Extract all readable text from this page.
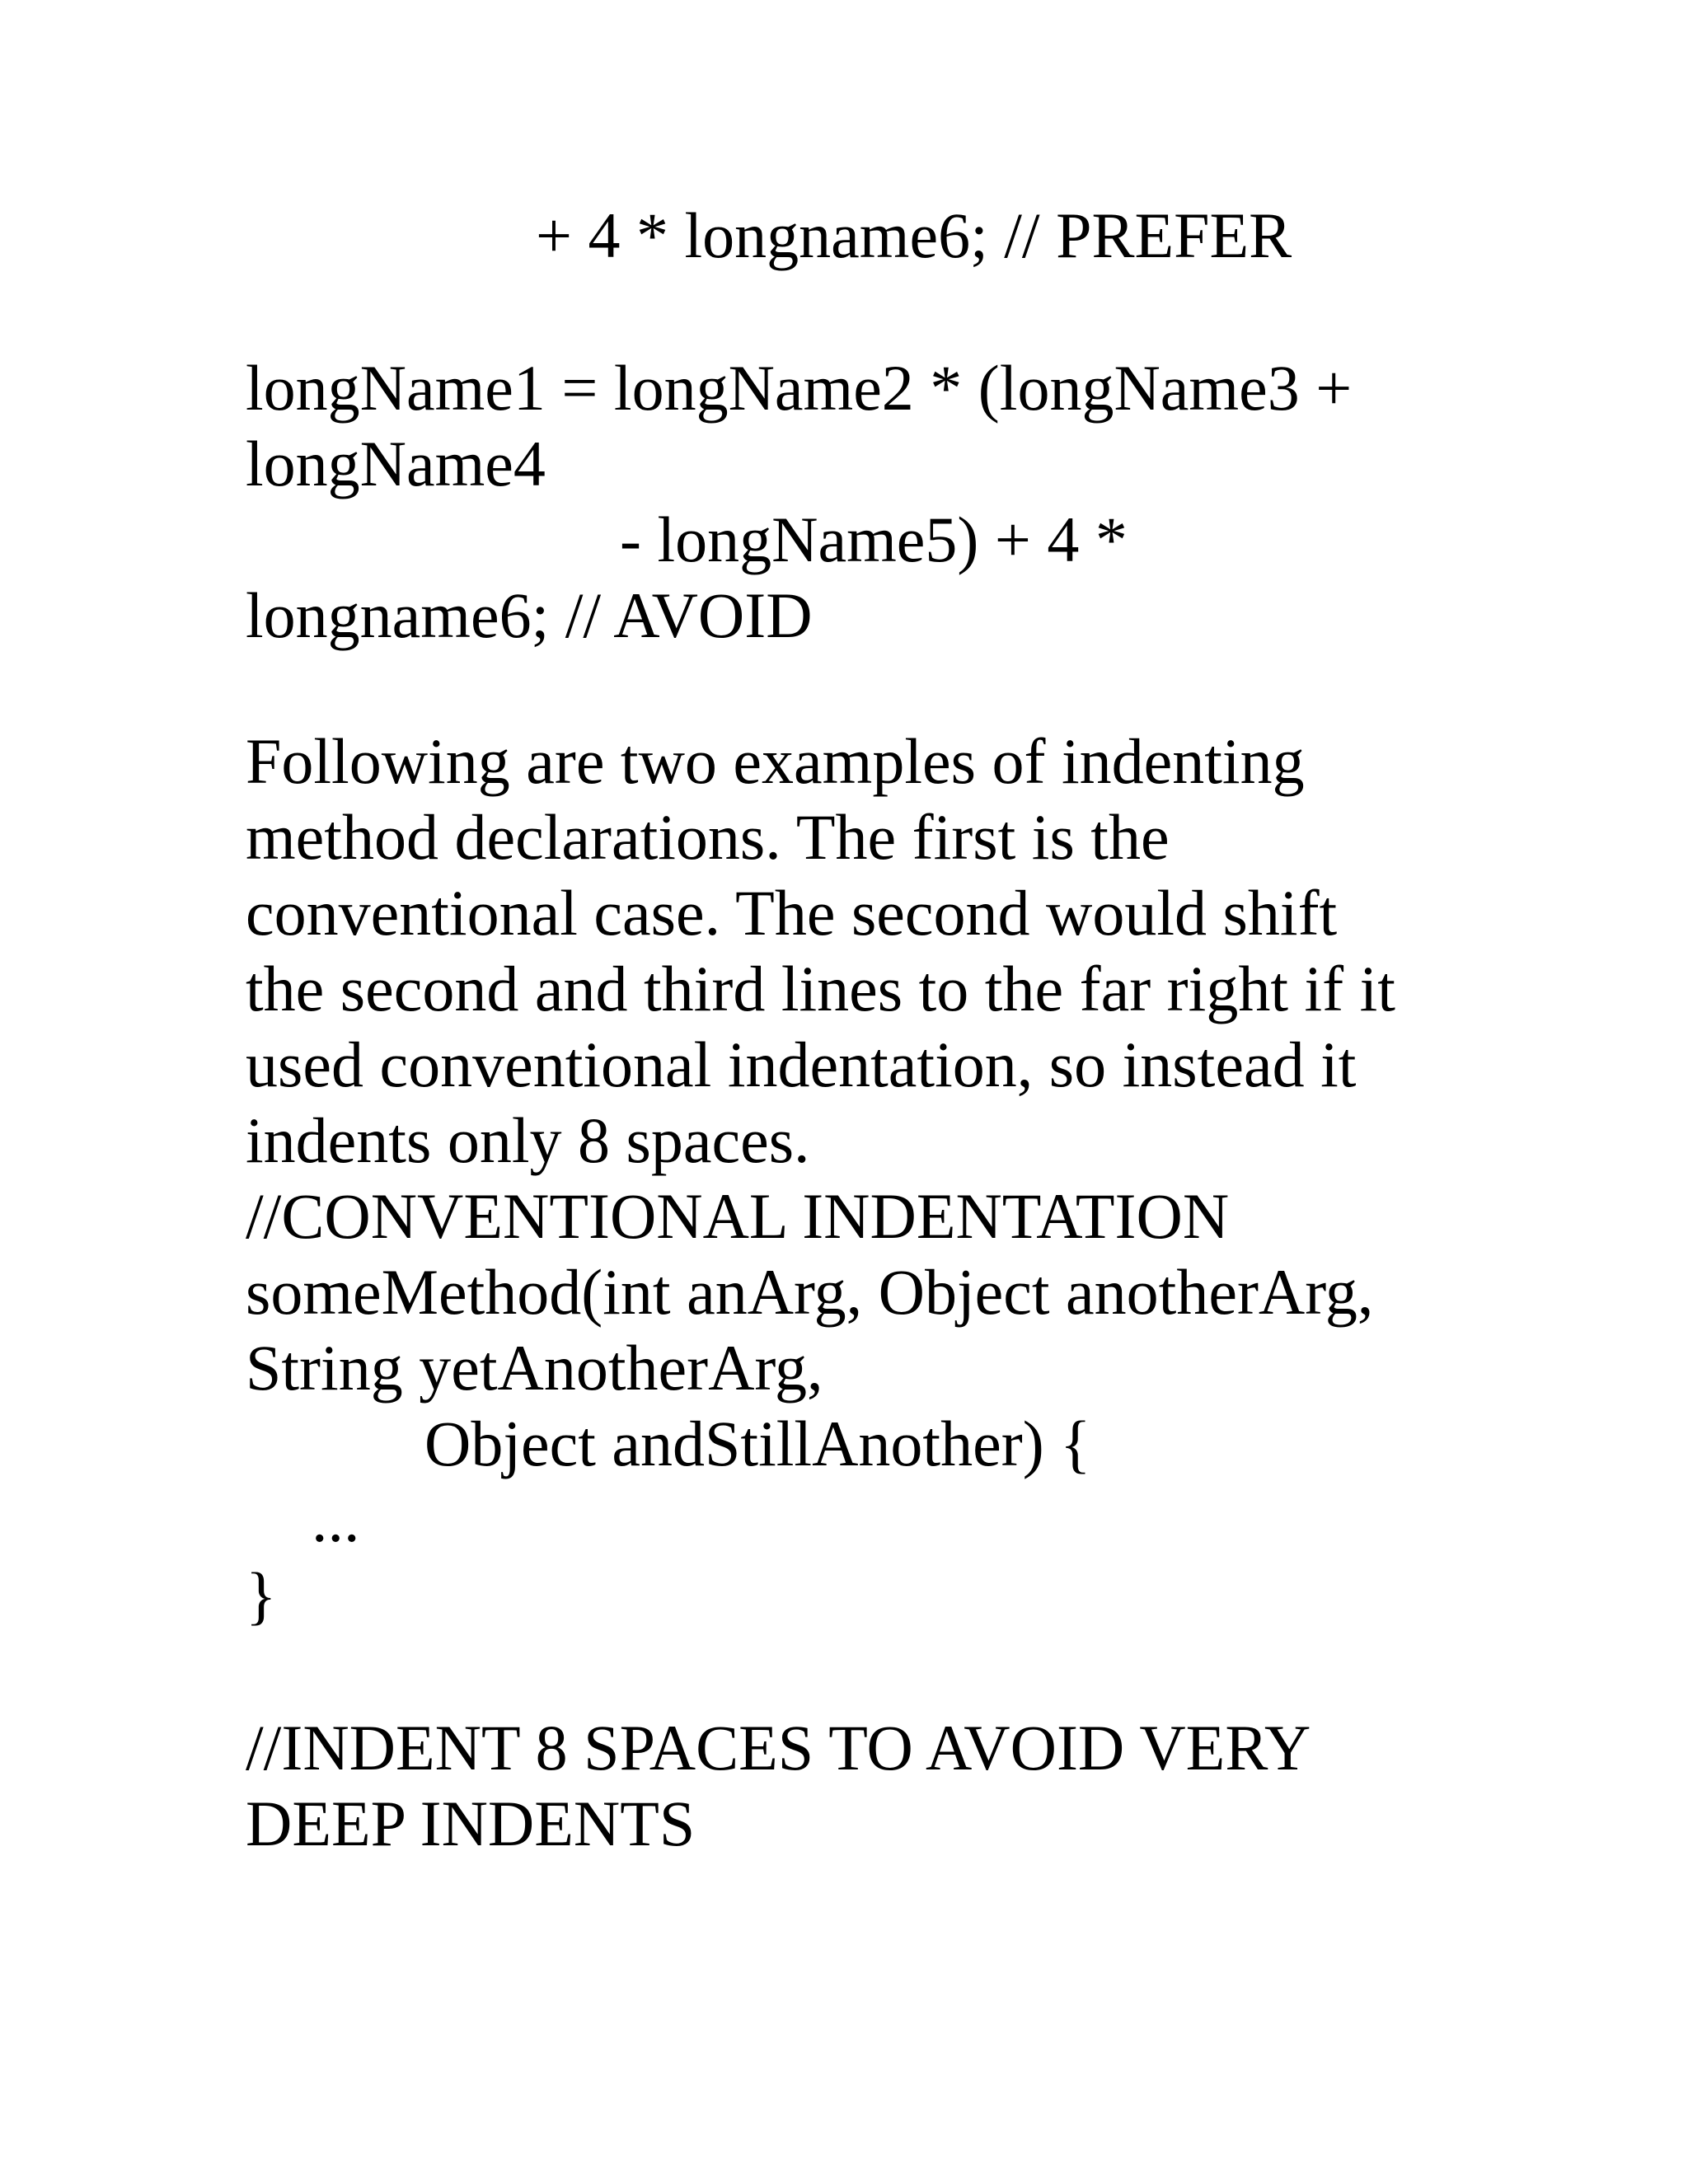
+ 4 * longname6; // PREFER
longName1 = longName2 * (longName3 +
longName4
- longName5) + 4 *
longname6; // AVOID
Following are two examples of indenting
method declarations. The first is the
conventional case. The second would shift
the second and third lines to the far right if it
used conventional indentation, so instead it
indents only 8 spaces.
//CONVENTIONAL INDENTATION
someMethod(int anArg, Object anotherArg,
String yetAnotherArg,
Object andStillAnother) {
...
}
//INDENT 8 SPACES TO AVOID VERY
DEEP INDENTS
